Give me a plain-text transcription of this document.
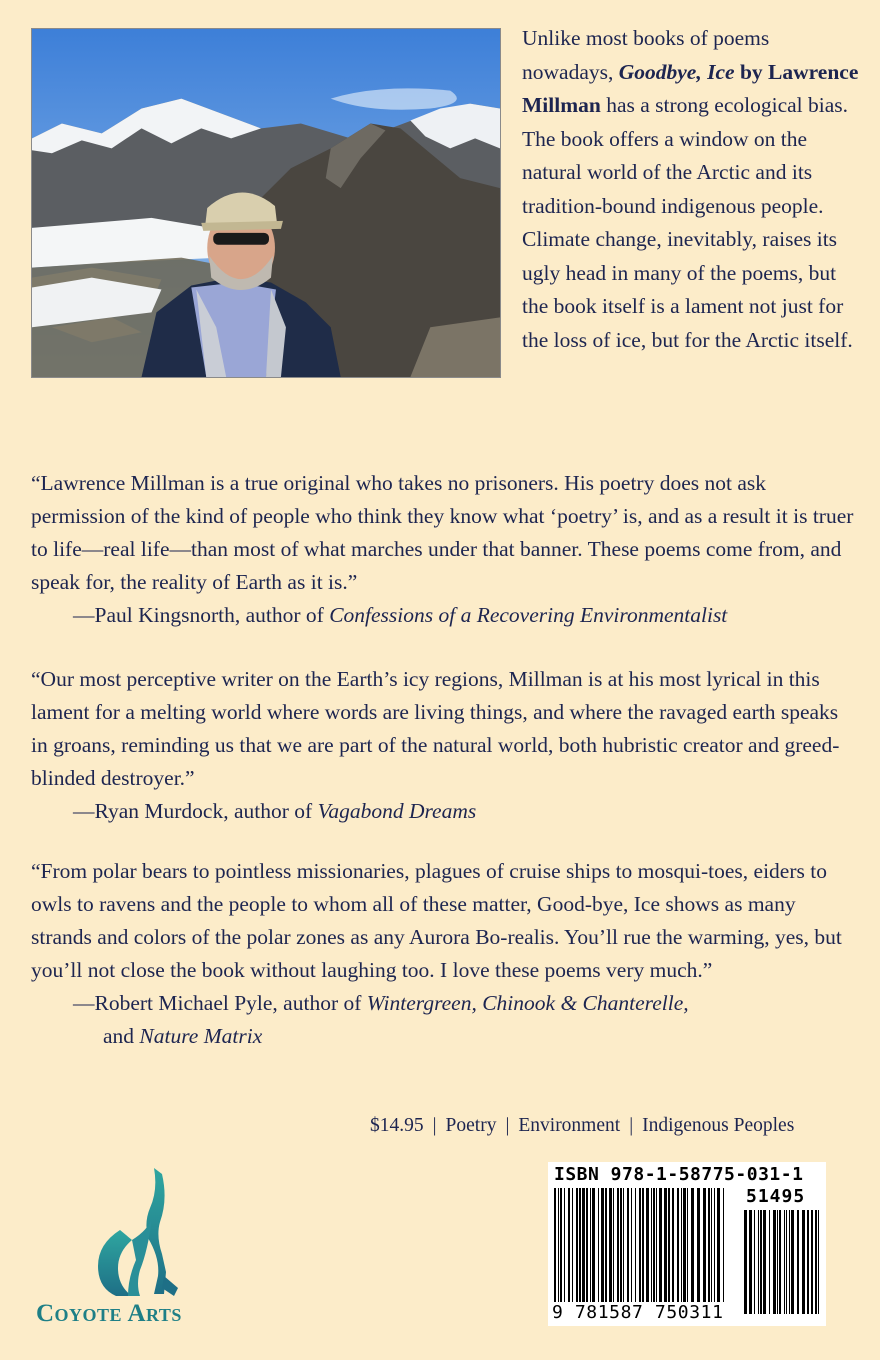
Unlike most books of poems nowadays, Goodbye, Ice by Lawrence Millman has a strong ecological bias. The book offers a window on the natural world of the Arctic and its tradition-bound indigenous people. Climate change, inevitably, raises its ugly head in many of the poems, but the book itself is a lament not just for the loss of ice, but for the Arctic itself.
“Lawrence Millman is a true original who takes no prisoners. His poetry does not ask permission of the kind of people who think they know what ‘poetry’ is, and as a result it is truer to life—real life—than most of what marches under that banner. These poems come from, and speak for, the reality of Earth as it is.”
—Paul Kingsnorth, author of Confessions of a Recovering Environmentalist
“Our most perceptive writer on the Earth’s icy regions, Millman is at his most lyrical in this lament for a melting world where words are living things, and where the ravaged earth speaks in groans, reminding us that we are part of the natural world, both hubristic creator and greed-blinded destroyer.”
—Ryan Murdock, author of Vagabond Dreams
“From polar bears to pointless missionaries, plagues of cruise ships to mosqui-toes, eiders to owls to ravens and the people to whom all of these matter, Good-bye, Ice shows as many strands and colors of the polar zones as any Aurora Bo-realis. You’ll rue the warming, yes, but you’ll not close the book without laughing too. I love these poems very much.”
—Robert Michael Pyle, author of Wintergreen, Chinook & Chanterelle,
and Nature Matrix
$14.95 | Poetry | Environment | Indigenous Peoples
ISBN 978-1-58775-031-1
51495
9 781587 750311
Coyote Arts
